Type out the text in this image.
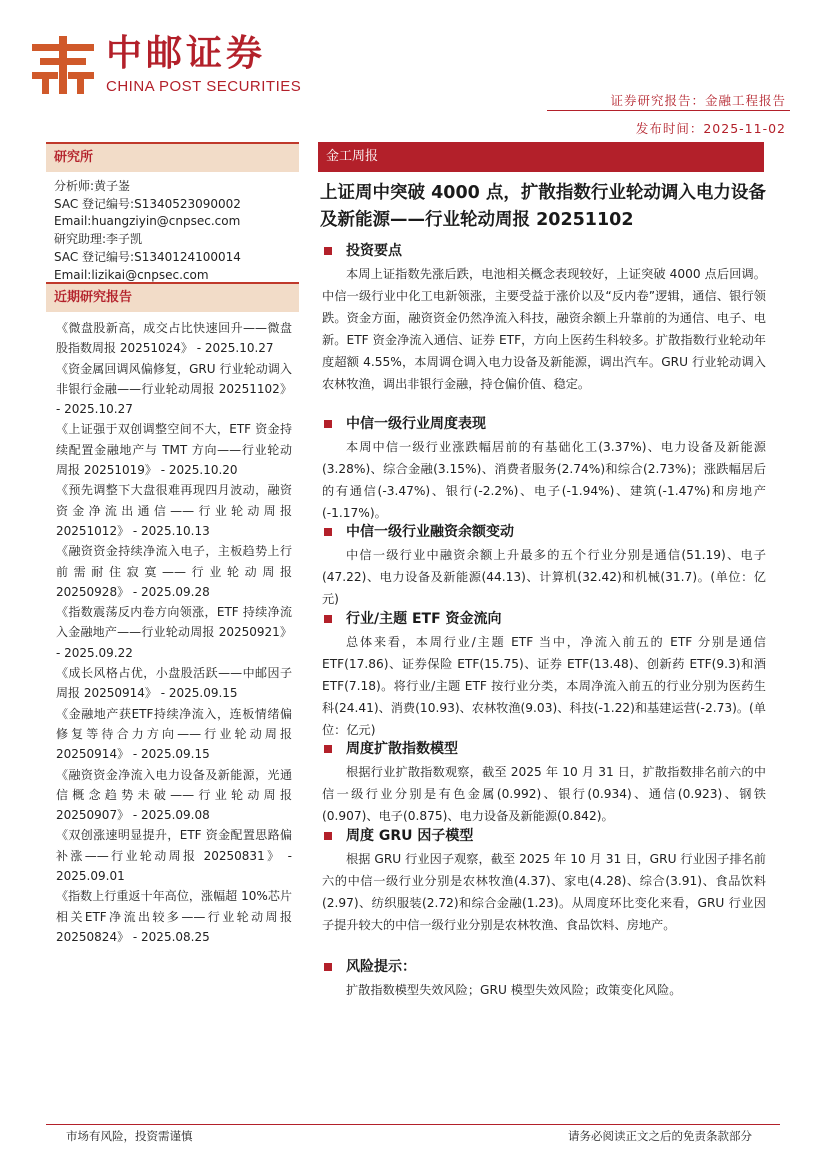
中邮证券
CHINA POST SECURITIES
证券研究报告：金融工程报告
发布时间：2025-11-02
研究所
分析师:黄子崟
SAC 登记编号:S1340523090002
Email:huangziyin@cnpsec.com
研究助理:李子凯
SAC 登记编号:S1340124100014
Email:lizikai@cnpsec.com
近期研究报告

《微盘股新高，成交占比快速回升——微盘股指数周报 20251024》 - 2025.10.27

《资金属回调风偏修复，GRU 行业轮动调入非银行金融——行业轮动周报 20251102》 - 2025.10.27

《上证强于双创调整空间不大，ETF 资金持续配置金融地产与 TMT 方向——行业轮动周报 20251019》 - 2025.10.20

《预先调整下大盘很难再现四月波动，融资资金净流出通信——行业轮动周报 20251012》 - 2025.10.13

《融资资金持续净流入电子，主板趋势上行前需耐住寂寞——行业轮动周报 20250928》 - 2025.09.28

《指数震荡反内卷方向领涨，ETF 持续净流入金融地产——行业轮动周报 20250921》 - 2025.09.22

《成长风格占优，小盘股活跃——中邮因子周报 20250914》 - 2025.09.15

《金融地产获ETF持续净流入，连板情绪偏修复等待合力方向——行业轮动周报 20250914》 - 2025.09.15

《融资资金净流入电力设备及新能源，光通信概念趋势未破——行业轮动周报 20250907》 - 2025.09.08

《双创涨速明显提升，ETF 资金配置思路偏补涨——行业轮动周报 20250831》 - 2025.09.01

《指数上行重返十年高位，涨幅超 10%芯片相关ETF净流出较多——行业轮动周报 20250824》 - 2025.08.25

金工周报
上证周中突破 4000 点，扩散指数行业轮动调入电力设备及新能源——行业轮动周报 20251102
投资要点
本周上证指数先涨后跌，电池相关概念表现较好，上证突破 4000 点后回调。中信一级行业中化工电新领涨，主要受益于涨价以及“反内卷”逻辑，通信、银行领跌。资金方面，融资资金仍然净流入科技，融资余额上升靠前的为通信、电子、电新。ETF 资金净流入通信、证券 ETF，方向上医药生科较多。扩散指数行业轮动年度超额 4.55%，本周调仓调入电力设备及新能源，调出汽车。GRU 行业轮动调入农林牧渔，调出非银行金融，持仓偏价值、稳定。
中信一级行业周度表现
本周中信一级行业涨跌幅居前的有基础化工(3.37%)、电力设备及新能源(3.28%)、综合金融(3.15%)、消费者服务(2.74%)和综合(2.73%)；涨跌幅居后的有通信(-3.47%)、银行(-2.2%)、电子(-1.94%)、建筑(-1.47%)和房地产(-1.17%)。
中信一级行业融资余额变动
中信一级行业中融资余额上升最多的五个行业分别是通信(51.19)、电子(47.22)、电力设备及新能源(44.13)、计算机(32.42)和机械(31.7)。(单位：亿元)
行业/主题 ETF 资金流向
总体来看，本周行业/主题 ETF 当中，净流入前五的 ETF 分别是通信 ETF(17.86)、证券保险 ETF(15.75)、证券 ETF(13.48)、创新药 ETF(9.3)和酒 ETF(7.18)。将行业/主题 ETF 按行业分类，本周净流入前五的行业分别为医药生科(24.41)、消费(10.93)、农林牧渔(9.03)、科技(-1.22)和基建运营(-2.73)。(单位：亿元)
周度扩散指数模型
根据行业扩散指数观察，截至 2025 年 10 月 31 日，扩散指数排名前六的中信一级行业分别是有色金属(0.992)、银行(0.934)、通信(0.923)、钢铁(0.907)、电子(0.875)、电力设备及新能源(0.842)。
周度 GRU 因子模型
根据 GRU 行业因子观察，截至 2025 年 10 月 31 日，GRU 行业因子排名前六的中信一级行业分别是农林牧渔(4.37)、家电(4.28)、综合(3.91)、食品饮料(2.97)、纺织服装(2.72)和综合金融(1.23)。从周度环比变化来看，GRU 行业因子提升较大的中信一级行业分别是农林牧渔、食品饮料、房地产。
风险提示：
扩散指数模型失效风险；GRU 模型失效风险；政策变化风险。
市场有风险，投资需谨慎	请务必阅读正文之后的免责条款部分
